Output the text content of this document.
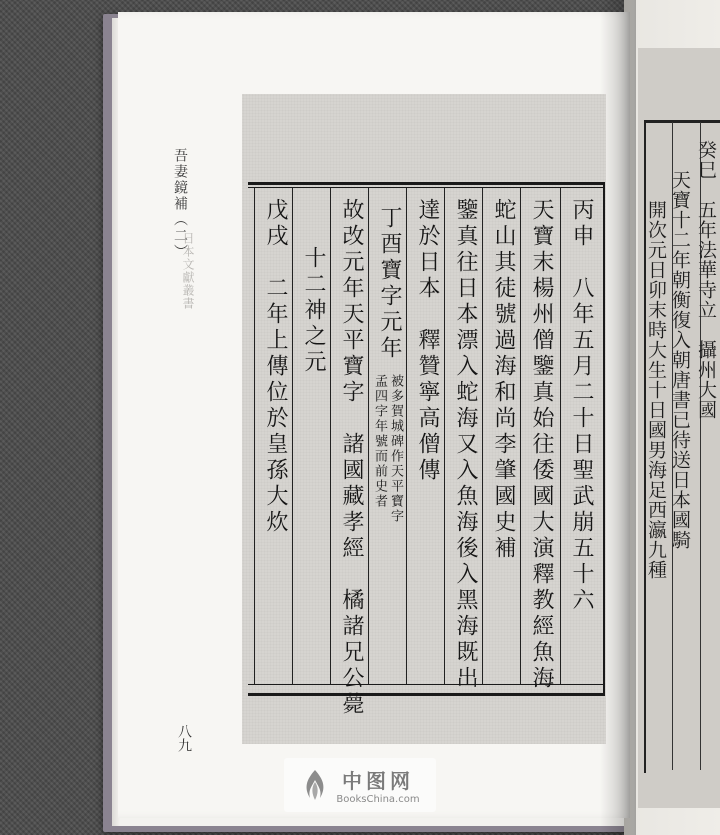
癸巳　五年法華寺立　攝州大國
天寶十二年朝衡復入朝唐書已待送日本國騎
開次元日卯末時大生十日國男海足西瀛九種
吾妻鏡補（二）
日本文獻叢書
八九
丙申　八年五月二十日聖武崩五十六
天寶末楊州僧鑒真始往倭國大演釋教經魚海
蛇山其徒號過海和尚李肇國史補
鑒真往日本漂入蛇海又入魚海後入黑海既出
達於日本　釋贊寧高僧傳
丁酉寶字元年
被多賀城碑作天平寶字
孟四字年號而前史者
故改元年天平寶字　諸國藏孝經　橘諸兄公薨
十二神之元
戊戌　二年上傳位於皇孫大炊
中图网
BooksChina.com
